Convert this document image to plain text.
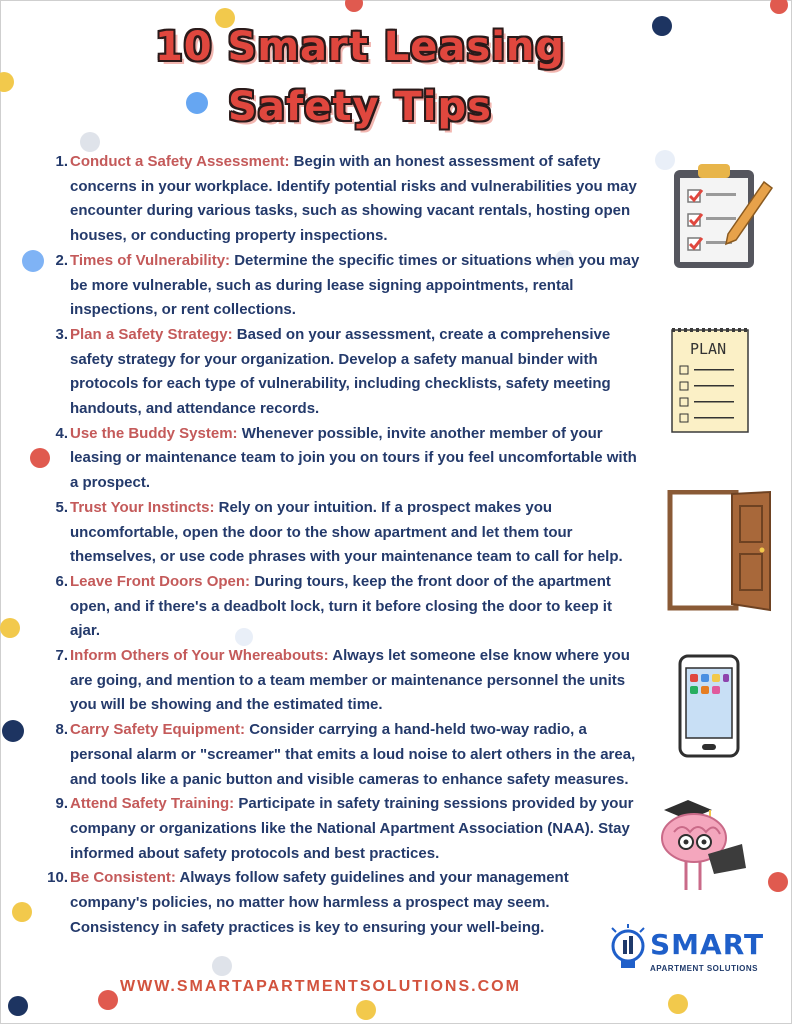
10 Smart Leasing
Safety Tips
1. Conduct a Safety Assessment: Begin with an honest assessment of safety concerns in your workplace. Identify potential risks and vulnerabilities you may encounter during various tasks, such as showing vacant rentals, hosting open houses, or conducting property inspections.
2. Times of Vulnerability: Determine the specific times or situations when you may be more vulnerable, such as during lease signing appointments, rental inspections, or rent collections.
3. Plan a Safety Strategy: Based on your assessment, create a comprehensive safety strategy for your organization. Develop a safety manual binder with protocols for each type of vulnerability, including checklists, safety meeting handouts, and attendance records.
4. Use the Buddy System: Whenever possible, invite another member of your leasing or maintenance team to join you on tours if you feel uncomfortable with a prospect.
5. Trust Your Instincts: Rely on your intuition. If a prospect makes you uncomfortable, open the door to the show apartment and let them tour themselves, or use code phrases with your maintenance team to call for help.
6. Leave Front Doors Open: During tours, keep the front door of the apartment open, and if there's a deadbolt lock, turn it before closing the door to keep it ajar.
7. Inform Others of Your Whereabouts: Always let someone else know where you are going, and mention to a team member or maintenance personnel the units you will be showing and the estimated time.
8. Carry Safety Equipment: Consider carrying a hand-held two-way radio, a personal alarm or "screamer" that emits a loud noise to alert others in the area, and tools like a panic button and visible cameras to enhance safety measures.
9. Attend Safety Training: Participate in safety training sessions provided by your company or organizations like the National Apartment Association (NAA). Stay informed about safety protocols and best practices.
10. Be Consistent: Always follow safety guidelines and your management company's policies, no matter how harmless a prospect may seem. Consistency in safety practices is key to ensuring your well-being.
PLAN
SMART
APARTMENT SOLUTIONS
WWW.SMARTAPARTMENTSOLUTIONS.COM
